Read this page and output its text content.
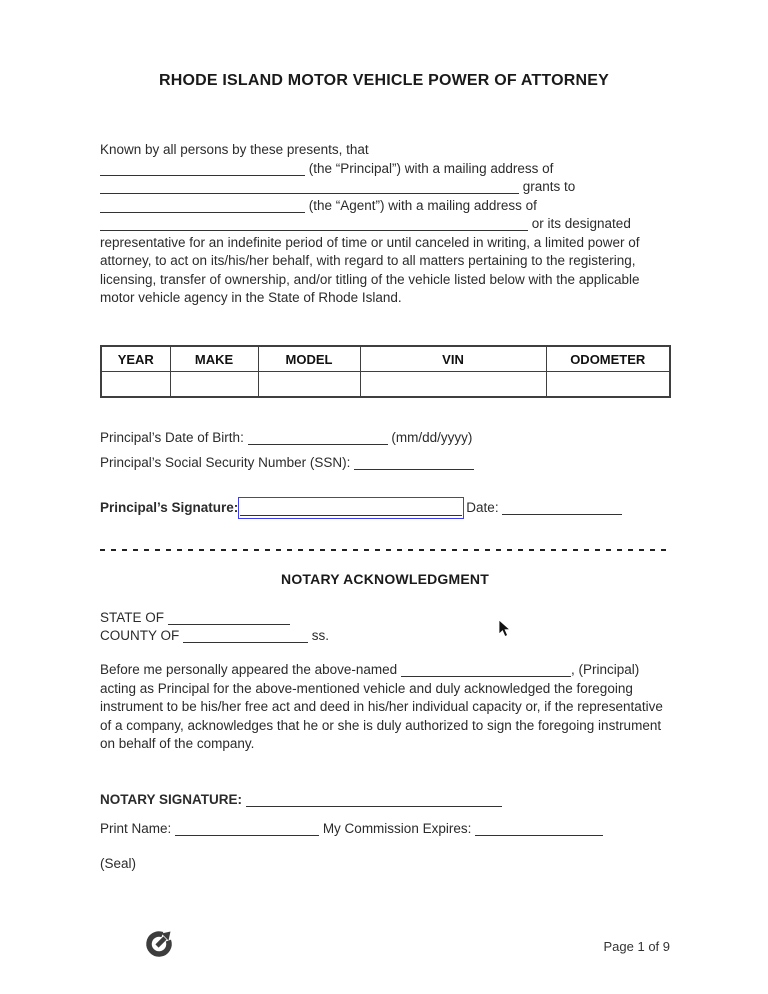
RHODE ISLAND MOTOR VEHICLE POWER OF ATTORNEY
Known by all persons by these presents, that
(the “Principal”) with a mailing address of
grants to
(the “Agent”) with a mailing address of
or its designated
representative for an indefinite period of time or until canceled in writing, a limited power of attorney, to act on its/his/her behalf, with regard to all matters pertaining to the registering, licensing, transfer of ownership, and/or titling of the vehicle listed below with the applicable motor vehicle agency in the State of Rhode Island.
YEAR	MAKE	MODEL	VIN	ODOMETER

Principal’s Date of Birth:	(mm/dd/yyyy)
Principal’s Social Security Number (SSN):
Principal’s Signature:	Date:
NOTARY ACKNOWLEDGMENT
STATE OF
COUNTY OF	ss.
Before me personally appeared the above-named	, (Principal) acting as Principal for the above-mentioned vehicle and duly acknowledged the foregoing instrument to be his/her free act and deed in his/her individual capacity or, if the representative of a company, acknowledges that he or she is duly authorized to sign the foregoing instrument on behalf of the company.
NOTARY SIGNATURE:
Print Name:	My Commission Expires:
(Seal)
Page 1 of 9
